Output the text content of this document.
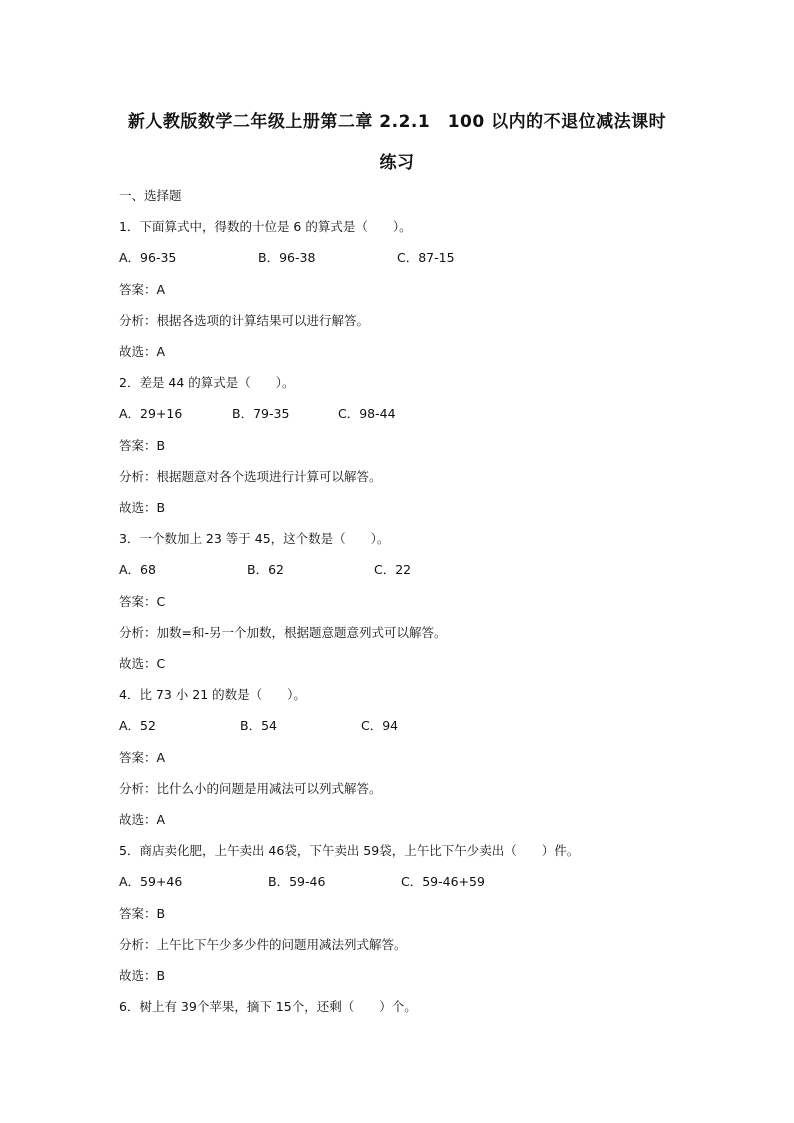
新人教版数学二年级上册第二章 2.2.1　100 以内的不退位减法课时
练习
一、选择题
1．下面算式中，得数的十位是 6 的算式是（　　）。
A．96-35	B．96-38	C．87-15
答案：A
分析：根据各选项的计算结果可以进行解答。
故选：A
2．差是 44 的算式是（　　）。
A．29+16	B．79-35	C．98-44
答案：B
分析：根据题意对各个选项进行计算可以解答。
故选：B
3．一个数加上 23 等于 45，这个数是（　　）。
A．68	B．62	C．22
答案：C
分析：加数=和-另一个加数，根据题意题意列式可以解答。
故选：C
4．比 73 小 21 的数是（　　）。
A．52	B．54	C．94
答案：A
分析：比什么小的问题是用减法可以列式解答。
故选：A
5．商店卖化肥，上午卖出 46袋，下午卖出 59袋，上午比下午少卖出（　　）件。
A．59+46	B．59-46	C．59-46+59
答案：B
分析：上午比下午少多少件的问题用减法列式解答。
故选：B
6．树上有 39个苹果，摘下 15个，还剩（　　）个。
